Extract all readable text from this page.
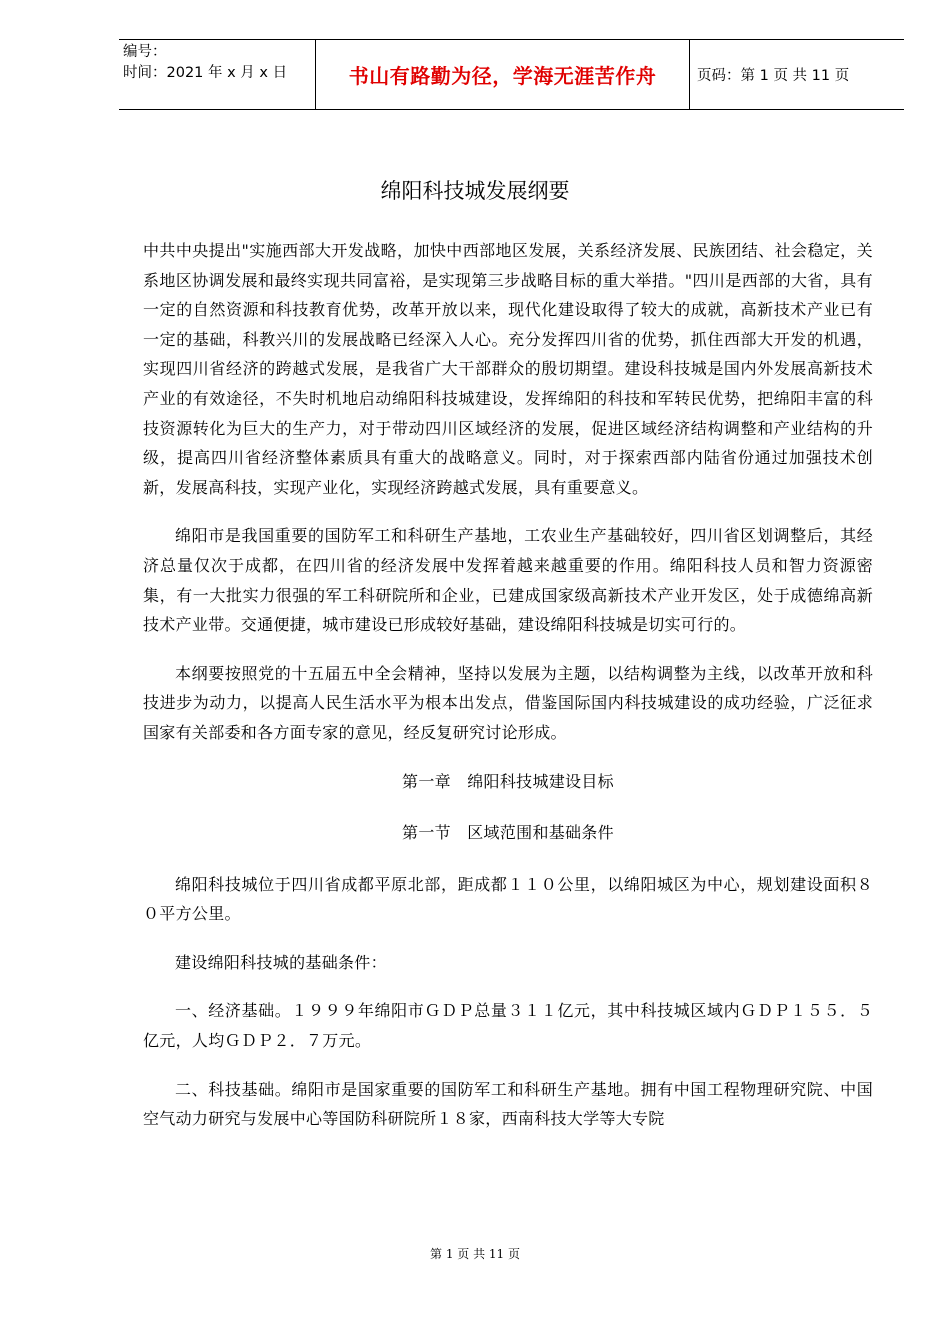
编号：
时间：2021 年 x 月 x 日	书山有路勤为径，学海无涯苦作舟	页码：第 1 页 共 11 页
绵阳科技城发展纲要

中共中央提出"实施西部大开发战略，加快中西部地区发展，关系经济发展、民族团结、社会稳定，关系地区协调发展和最终实现共同富裕，是实现第三步战略目标的重大举措。"四川是西部的大省，具有一定的自然资源和科技教育优势，改革开放以来，现代化建设取得了较大的成就，高新技术产业已有一定的基础，科教兴川的发展战略已经深入人心。充分发挥四川省的优势，抓住西部大开发的机遇，实现四川省经济的跨越式发展，是我省广大干部群众的殷切期望。建设科技城是国内外发展高新技术产业的有效途径，不失时机地启动绵阳科技城建设，发挥绵阳的科技和军转民优势，把绵阳丰富的科技资源转化为巨大的生产力，对于带动四川区域经济的发展，促进区域经济结构调整和产业结构的升级，提高四川省经济整体素质具有重大的战略意义。同时，对于探索西部内陆省份通过加强技术创新，发展高科技，实现产业化，实现经济跨越式发展，具有重要意义。

绵阳市是我国重要的国防军工和科研生产基地，工农业生产基础较好，四川省区划调整后，其经济总量仅次于成都，在四川省的经济发展中发挥着越来越重要的作用。绵阳科技人员和智力资源密集，有一大批实力很强的军工科研院所和企业，已建成国家级高新技术产业开发区，处于成德绵高新技术产业带。交通便捷，城市建设已形成较好基础，建设绵阳科技城是切实可行的。

本纲要按照党的十五届五中全会精神，坚持以发展为主题，以结构调整为主线，以改革开放和科技进步为动力，以提高人民生活水平为根本出发点，借鉴国际国内科技城建设的成功经验，广泛征求国家有关部委和各方面专家的意见，经反复研究讨论形成。

第一章　绵阳科技城建设目标

第一节　区域范围和基础条件

绵阳科技城位于四川省成都平原北部，距成都１１０公里，以绵阳城区为中心，规划建设面积８０平方公里。

建设绵阳科技城的基础条件：

一、经济基础。１９９９年绵阳市ＧＤＰ总量３１１亿元，其中科技城区域内ＧＤＰ１５５．５亿元，人均ＧＤＰ２．７万元。

二、科技基础。绵阳市是国家重要的国防军工和科研生产基地。拥有中国工程物理研究院、中国空气动力研究与发展中心等国防科研院所１８家，西南科技大学等大专院

第 1 页 共 11 页
